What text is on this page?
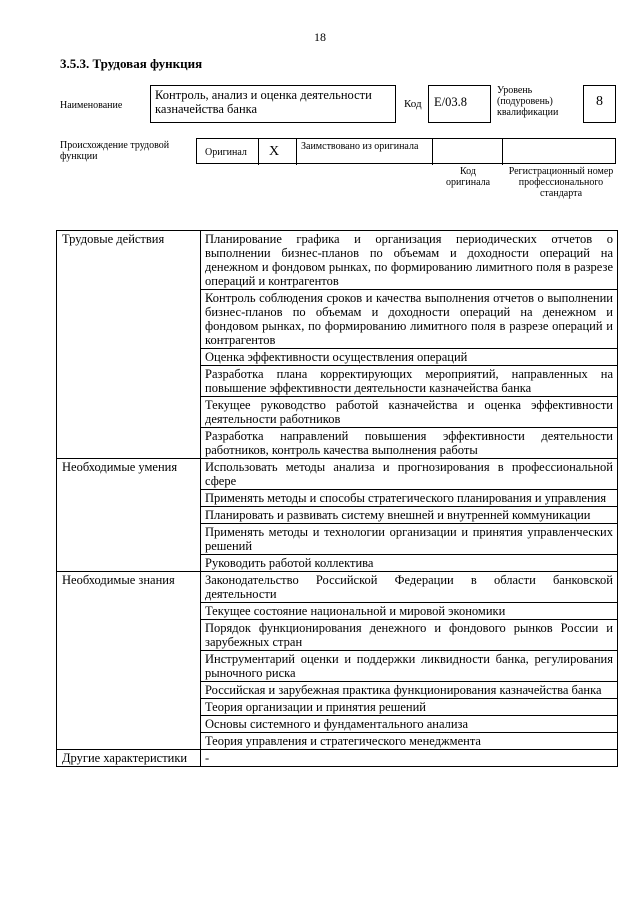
18
3.5.3. Трудовая функция
Наименование
Контроль, анализ и оценка деятельности казначейства банка	Код E/03.8
Уровень (подуровень) квалификации
8
Происхождение трудовой функции	Оригинал X Заимствовано из оригинала
Код оригинала
Регистрационный номер профессионального стандарта
Трудовые действия	Планирование графика и организация периодических отчетов о выполнении бизнес-планов по объемам и доходности операций на денежном и фондовом рынках, по формированию лимитного поля в разрезе операций и контрагентов
	Контроль соблюдения сроков и качества выполнения отчетов о выполнении бизнес-планов по объемам и доходности операций на денежном и фондовом рынках, по формированию лимитного поля в разрезе операций и контрагентов
	Оценка эффективности осуществления операций
	Разработка плана корректирующих мероприятий, направленных на повышение эффективности деятельности казначейства банка
	Текущее руководство работой казначейства и оценка эффективности деятельности работников
	Разработка направлений повышения эффективности деятельности работников, контроль качества выполнения работы
Необходимые умения	Использовать методы анализа и прогнозирования в профессиональной сфере
	Применять методы и способы стратегического планирования и управления
	Планировать и развивать систему внешней и внутренней коммуникации
	Применять методы и технологии организации и принятия управленческих решений
	Руководить работой коллектива
Необходимые знания	Законодательство Российской Федерации в области банковской деятельности
	Текущее состояние национальной и мировой экономики
	Порядок функционирования денежного и фондового рынков России и зарубежных стран
	Инструментарий оценки и поддержки ликвидности банка, регулирования рыночного риска
	Российская и зарубежная практика функционирования казначейства банка
	Теория организации и принятия решений
	Основы системного и фундаментального анализа
	Теория управления и стратегического менеджмента
Другие характеристики	-
